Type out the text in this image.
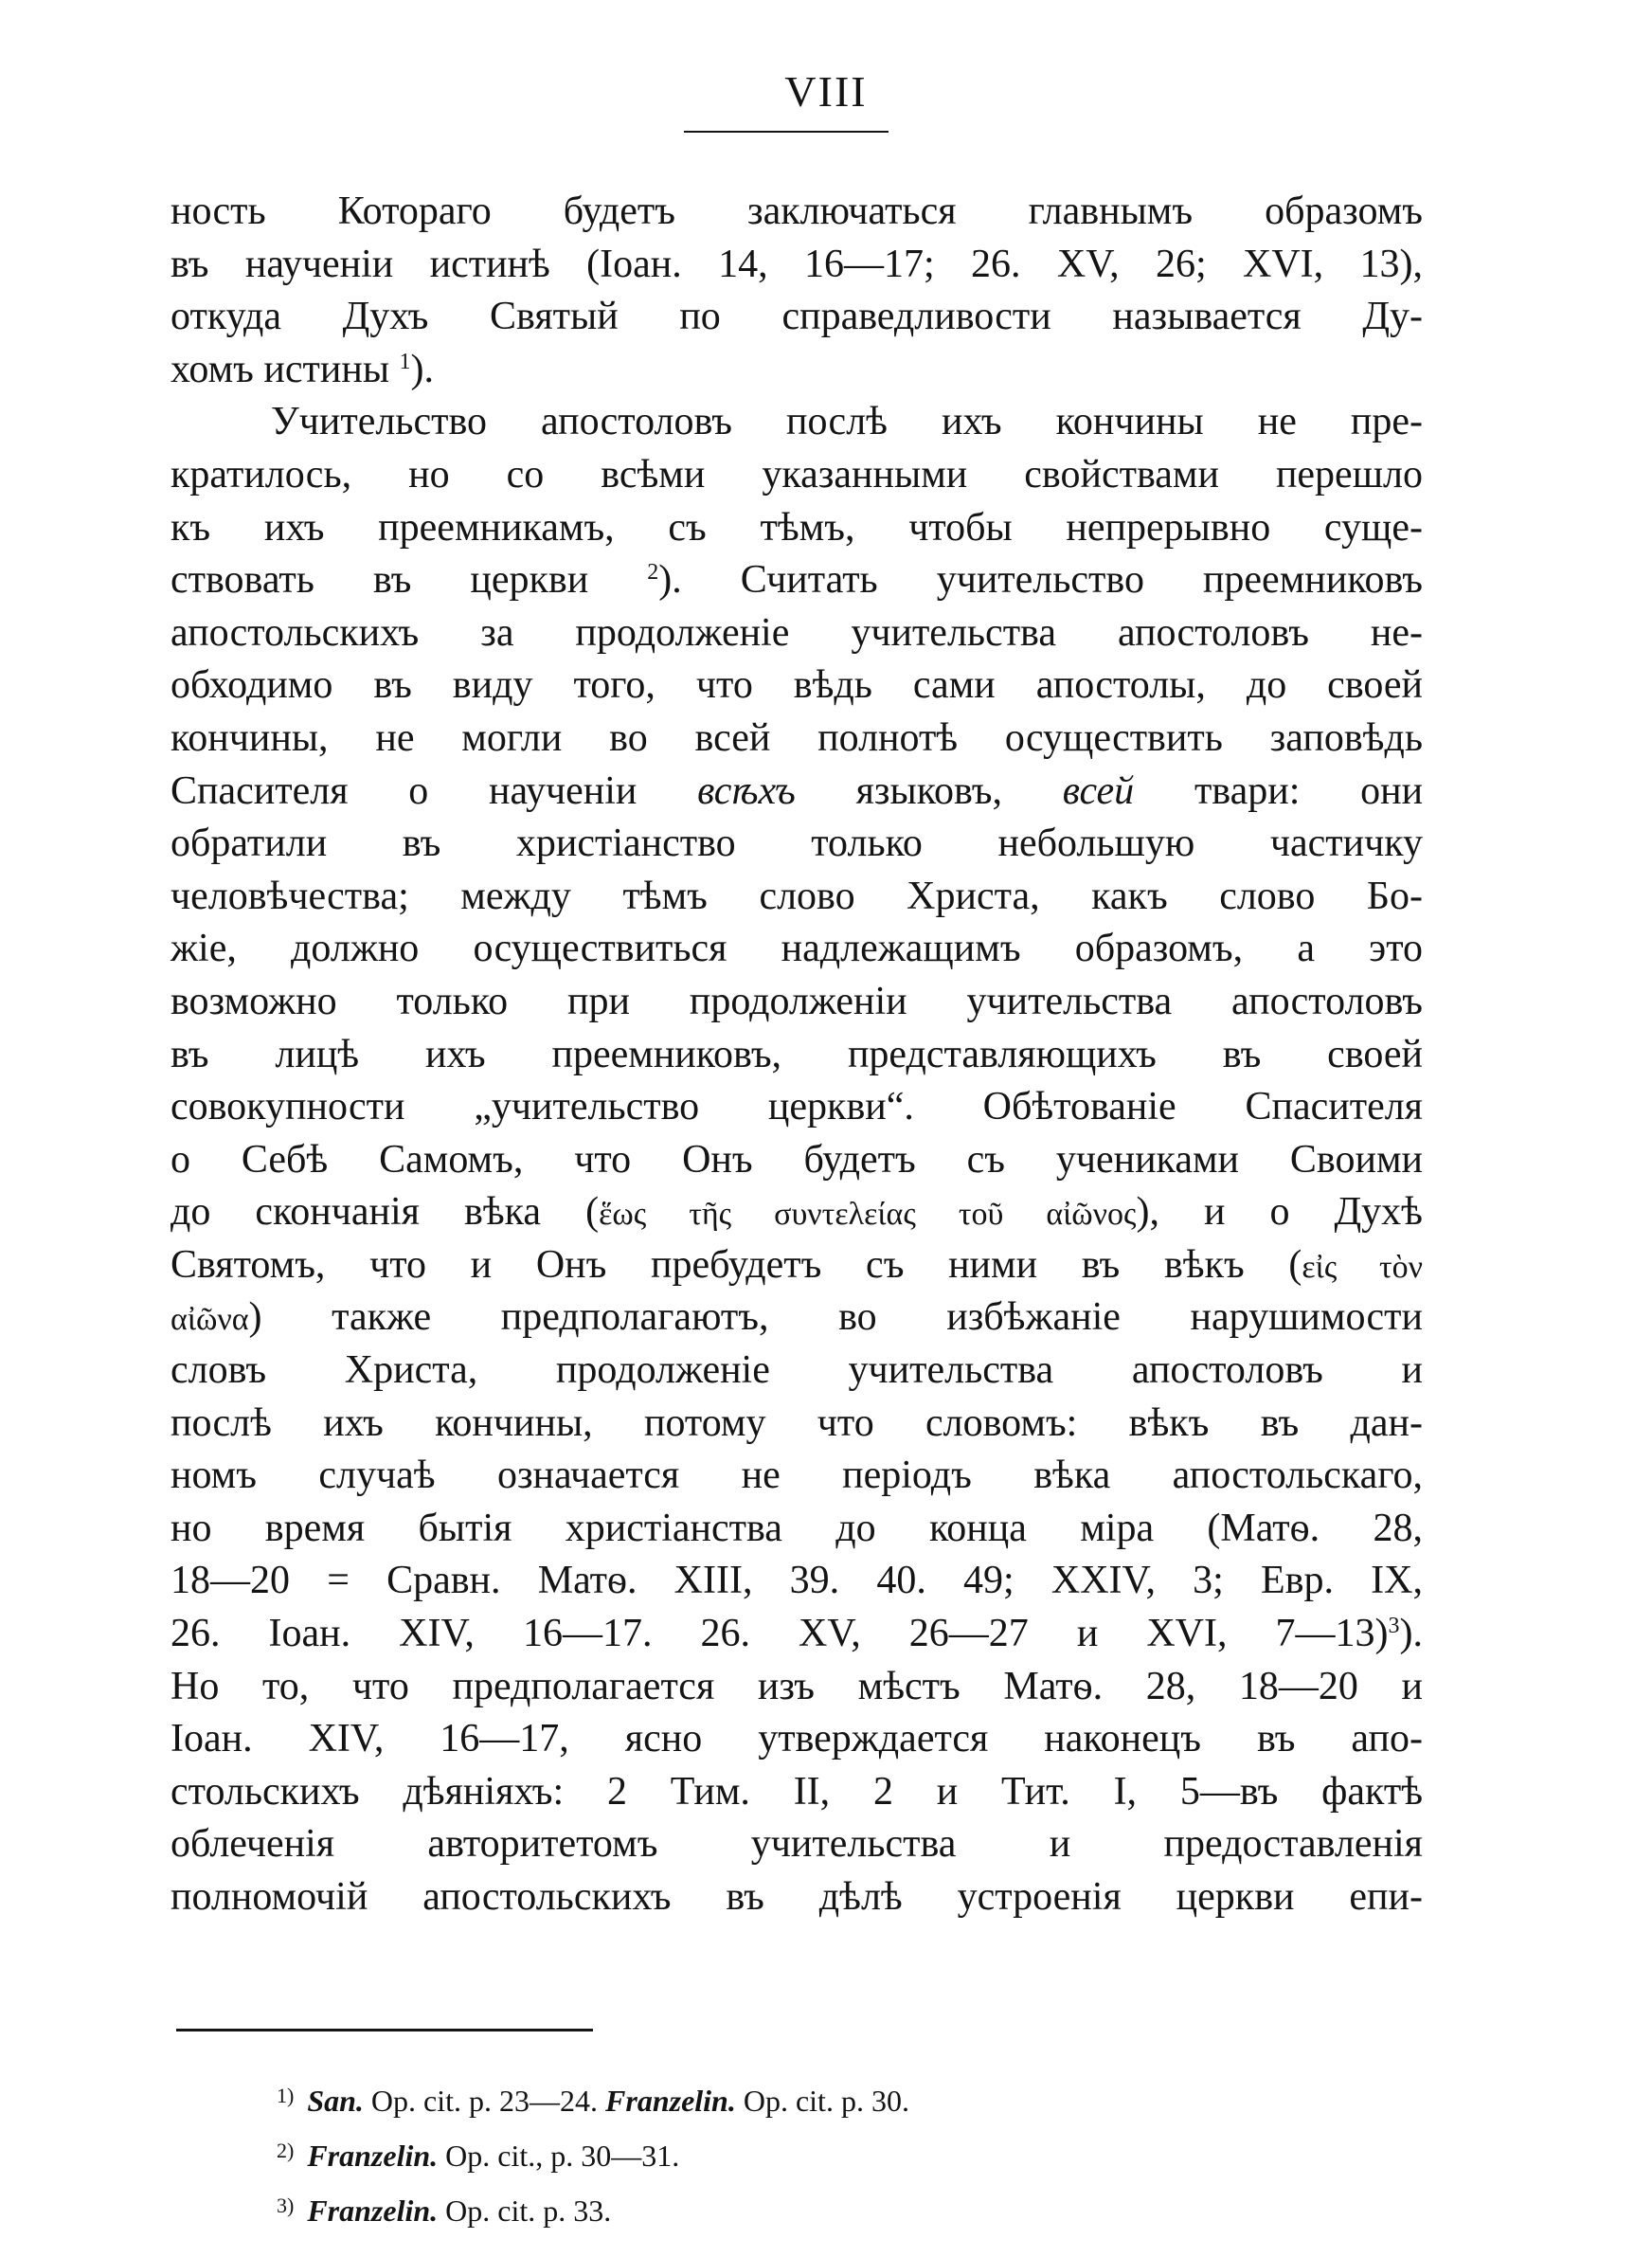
VIII
ность Котораго будетъ заключаться главнымъ образомъ
въ наученiи истинѣ (Іоан. 14, 16—17; 26. XV, 26; XVI, 13),
откуда Духъ Святый по справедливости называется Ду-
хомъ истины $^1$).
Учительство апостоловъ послѣ ихъ кончины не пре-
кратилось, но со всѣми указанными свойствами перешло
къ ихъ преемникамъ, съ тѣмъ, чтобы непрерывно суще-
ствовать въ церкви	$^2$). Считать учительство преемниковъ
апостольскихъ за продолженiе учительства апостоловъ не-
обходимо въ виду того, что вѣдь сами апостолы, до своей
кончины, не могли во всей полнотѣ осуществить заповѣдь
Спасителя о наученiи всѣхъ языковъ, всей твари: они
обратили въ христiанство только небольшую частичку
человѣчества; между тѣмъ слово Христа, какъ слово Бо-
жiе, должно осуществиться надлежащимъ образомъ, а это
возможно только при продолженiи учительства апостоловъ
въ лицѣ ихъ преемниковъ, представляющихъ въ своей
совокупности „учительство церкви“. Обѣтованiе Спасителя
о Себѣ Самомъ, что Онъ будетъ съ учениками Своими
до скончанiя вѣка (ἕως τῆς συντελείας τοῦ αἰῶνος), и о Духѣ
Святомъ, что и Онъ пребудетъ съ ними въ вѣкъ (εἰς τὸν
αἰῶνα) также предполагаютъ, во избѣжанiе нарушимости
словъ Христа, продолженiе учительства апостоловъ и
послѣ ихъ кончины, потому что словомъ: вѣкъ въ дан-
номъ случаѣ означается не перiодъ вѣка апостольскаго,
но время бытiя христiанства до конца мiра (Матѳ. 28,
18—20 = Сравн. Матѳ. XIII, 39. 40. 49; XXIV, 3; Евр. IX,
26. Іоан. XIV, 16—17. 26. XV, 26—27 и XVI, 7—13)$^3$).
Но то, что предполагается изъ мѣстъ Матѳ. 28, 18—20 и
Іоан. XIV, 16—17, ясно утверждается наконецъ въ апо-
стольскихъ дѣянiяхъ: 2 Тим. II, 2 и Тит. I, 5—въ фактѣ
облеченiя авторитетомъ учительства и предоставленiя
полномочiй апостольскихъ въ дѣлѣ устроенiя церкви епи-
$^{1)}$ San. Op. cit. p. 23—24. Franzelin. Op. cit. p. 30.
$^{2)}$ Franzelin. Op. cit., p. 30—31.
$^{3)}$ Franzelin. Op. cit. p. 33.
